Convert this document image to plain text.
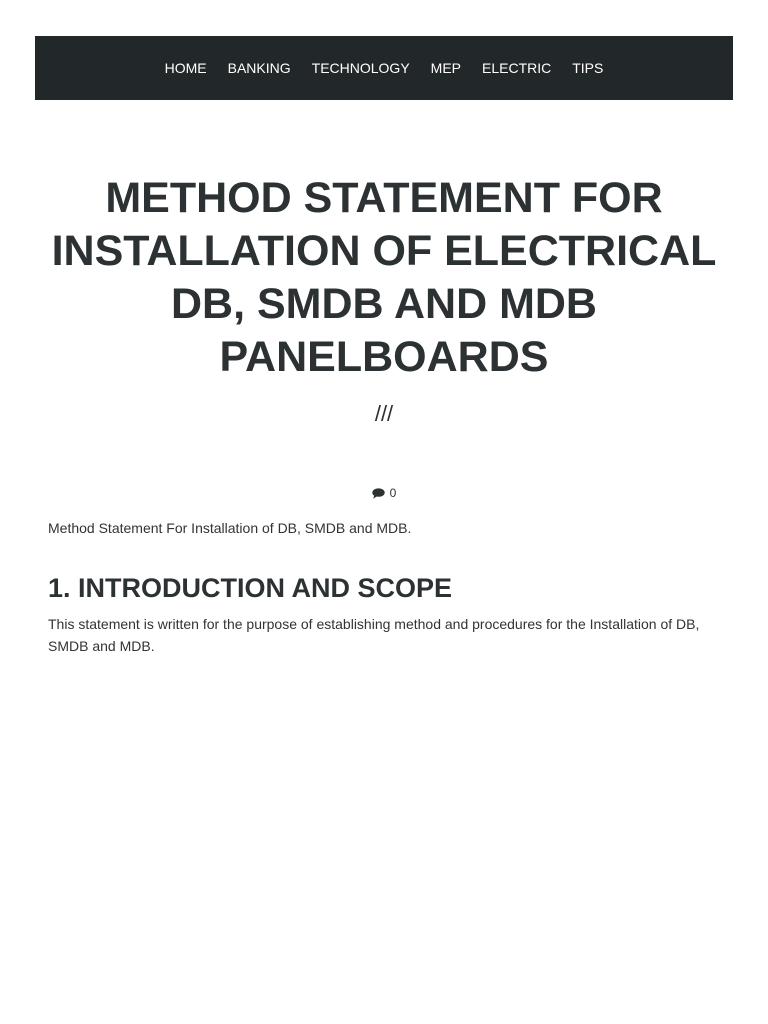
HOME	BANKING	TECHNOLOGY	MEP	ELECTRIC	TIPS
METHOD STATEMENT FOR INSTALLATION OF ELECTRICAL DB, SMDB AND MDB PANELBOARDS
///
0

Method Statement For Installation of DB, SMDB and MDB.

1. INTRODUCTION AND SCOPE

This statement is written for the purpose of establishing method and procedures for the Installation of DB, SMDB and MDB.
